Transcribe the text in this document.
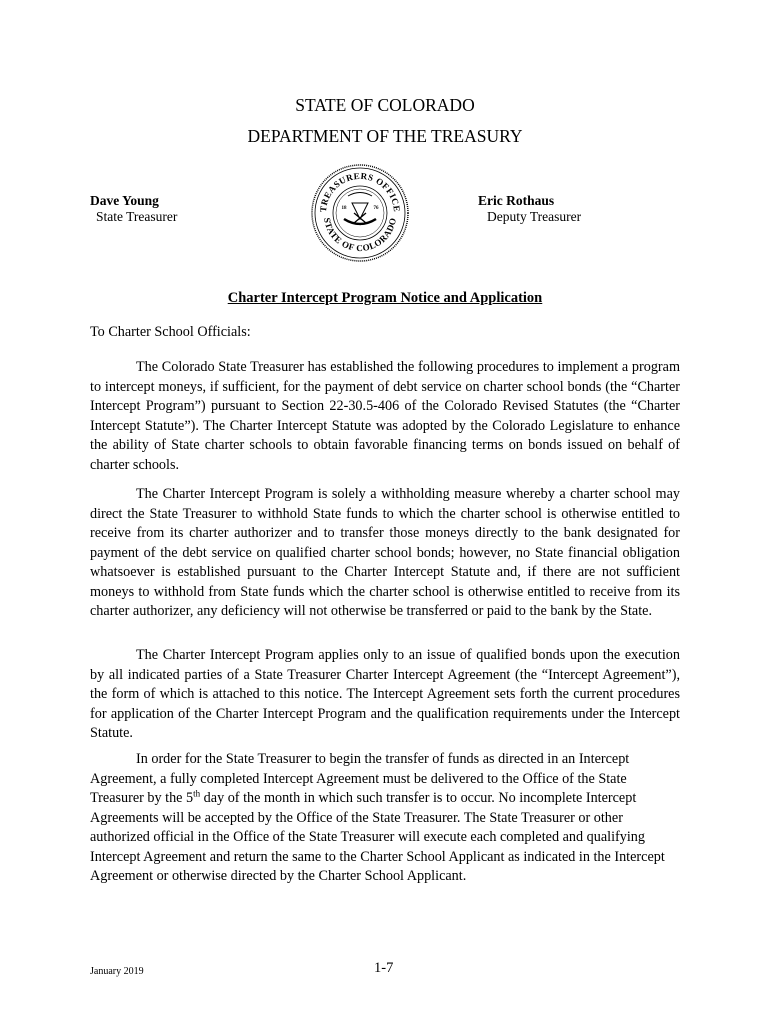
STATE OF COLORADO
DEPARTMENT OF THE TREASURY
Dave Young
State Treasurer
TREASURERS OFFICE
STATE OF COLORADO
18	76
NIL SINE NUMINE
Eric Rothaus
Deputy Treasurer
Charter Intercept Program Notice and Application
To Charter School Officials:
The Colorado State Treasurer has established the following procedures to implement a program to intercept moneys, if sufficient, for the payment of debt service on charter school bonds (the “Charter Intercept Program”) pursuant to Section 22-30.5-406 of the Colorado Revised Statutes (the “Charter Intercept Statute”). The Charter Intercept Statute was adopted by the Colorado Legislature to enhance the ability of State charter schools to obtain favorable financing terms on bonds issued on behalf of charter schools.
The Charter Intercept Program is solely a withholding measure whereby a charter school may direct the State Treasurer to withhold State funds to which the charter school is otherwise entitled to receive from its charter authorizer and to transfer those moneys directly to the bank designated for payment of the debt service on qualified charter school bonds; however, no State financial obligation whatsoever is established pursuant to the Charter Intercept Statute and, if there are not sufficient moneys to withhold from State funds which the charter school is otherwise entitled to receive from its charter authorizer, any deficiency will not otherwise be transferred or paid to the bank by the State.
The Charter Intercept Program applies only to an issue of qualified bonds upon the execution by all indicated parties of a State Treasurer Charter Intercept Agreement (the “Intercept Agreement”), the form of which is attached to this notice. The Intercept Agreement sets forth the current procedures for application of the Charter Intercept Program and the qualification requirements under the Intercept Statute.
In order for the State Treasurer to begin the transfer of funds as directed in an Intercept Agreement, a fully completed Intercept Agreement must be delivered to the Office of the State Treasurer by the 5th day of the month in which such transfer is to occur. No incomplete Intercept Agreements will be accepted by the Office of the State Treasurer. The State Treasurer or other authorized official in the Office of the State Treasurer will execute each completed and qualifying Intercept Agreement and return the same to the Charter School Applicant as indicated in the Intercept Agreement or otherwise directed by the Charter School Applicant.
January 2019	1-7
